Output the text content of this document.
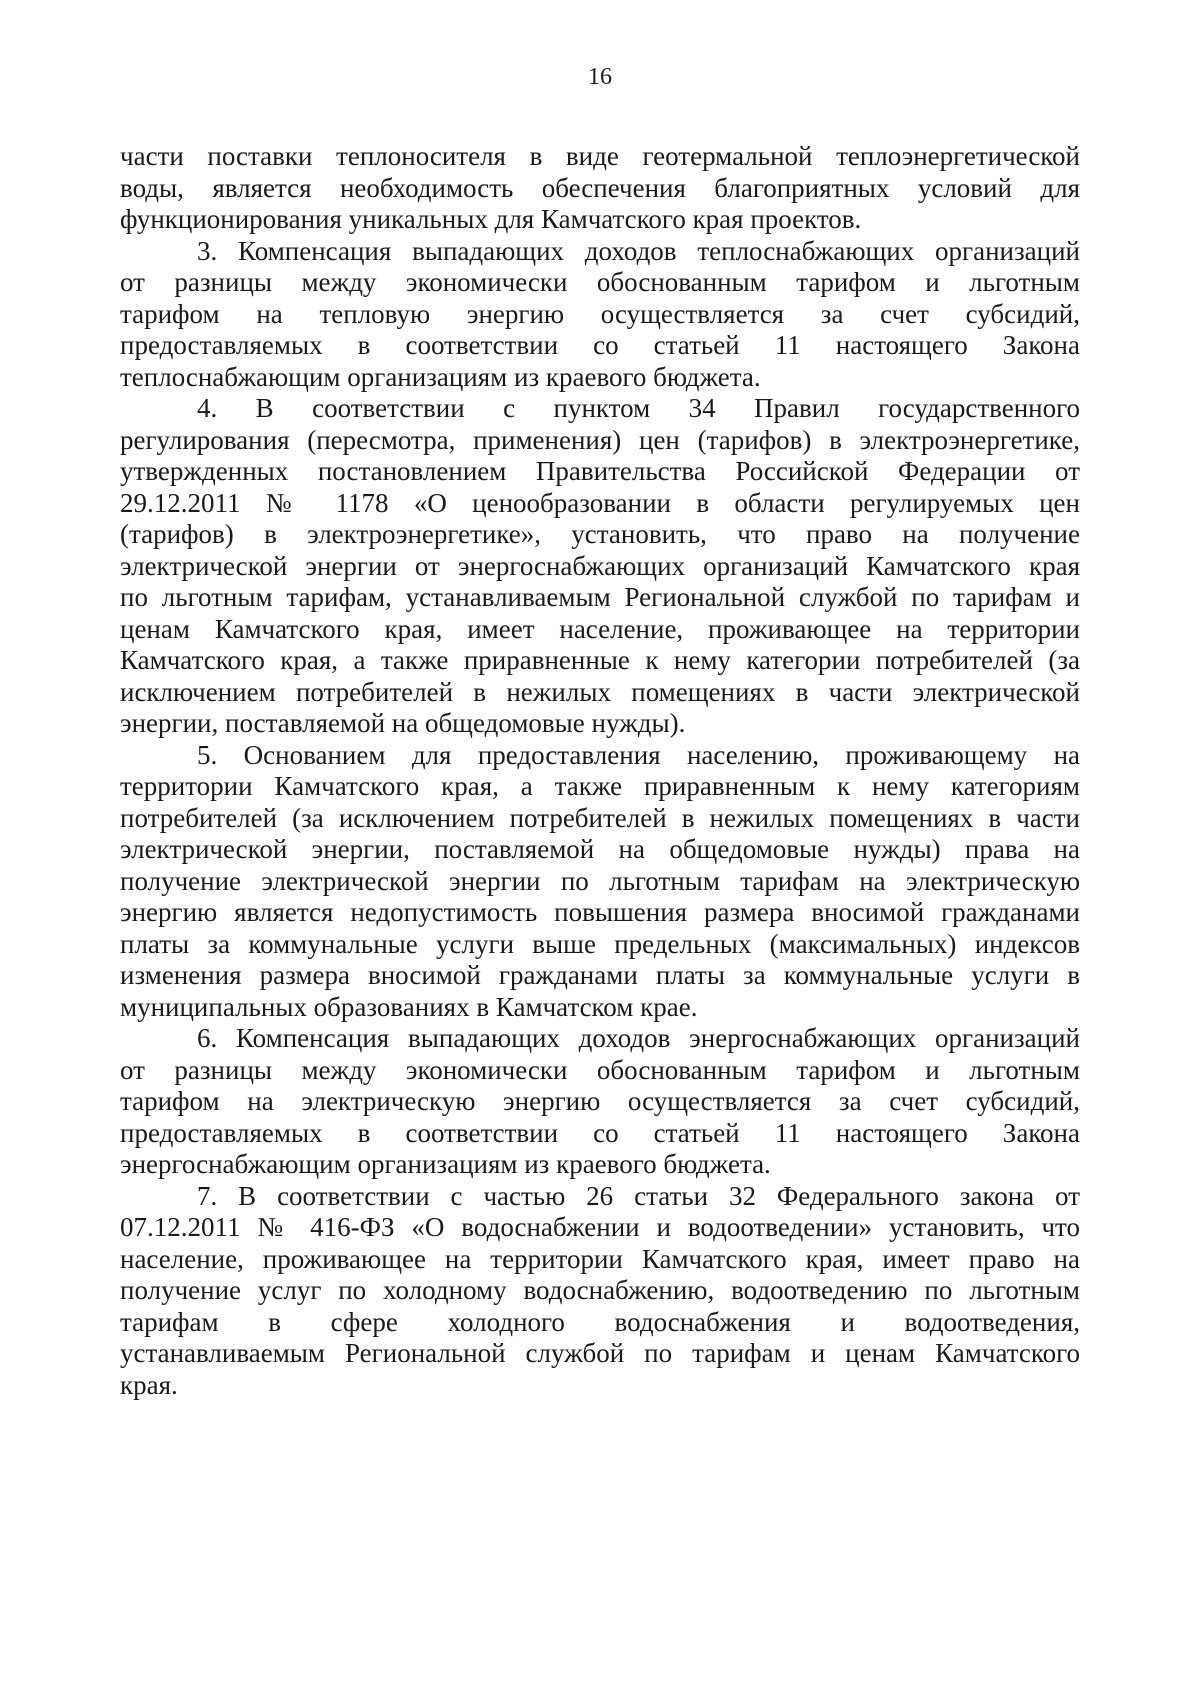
16
части поставки теплоносителя в виде геотермальной теплоэнергетической
воды, является необходимость обеспечения благоприятных условий для
функционирования уникальных для Камчатского края проектов.
3. Компенсация выпадающих доходов теплоснабжающих организаций
от разницы между экономически обоснованным тарифом и льготным
тарифом на тепловую энергию осуществляется за счет субсидий,
предоставляемых в соответствии со статьей 11 настоящего Закона
теплоснабжающим организациям из краевого бюджета.
4. В соответствии с пунктом 34 Правил государственного
регулирования (пересмотра, применения) цен (тарифов) в электроэнергетике,
утвержденных постановлением Правительства Российской Федерации от
29.12.2011 № 1178 «О ценообразовании в области регулируемых цен
(тарифов) в электроэнергетике», установить, что право на получение
электрической энергии от энергоснабжающих организаций Камчатского края
по льготным тарифам, устанавливаемым Региональной службой по тарифам и
ценам Камчатского края, имеет население, проживающее на территории
Камчатского края, а также приравненные к нему категории потребителей (за
исключением потребителей в нежилых помещениях в части электрической
энергии, поставляемой на общедомовые нужды).
5. Основанием для предоставления населению, проживающему на
территории Камчатского края, а также приравненным к нему категориям
потребителей (за исключением потребителей в нежилых помещениях в части
электрической энергии, поставляемой на общедомовые нужды) права на
получение электрической энергии по льготным тарифам на электрическую
энергию является недопустимость повышения размера вносимой гражданами
платы за коммунальные услуги выше предельных (максимальных) индексов
изменения размера вносимой гражданами платы за коммунальные услуги в
муниципальных образованиях в Камчатском крае.
6. Компенсация выпадающих доходов энергоснабжающих организаций
от разницы между экономически обоснованным тарифом и льготным
тарифом на электрическую энергию осуществляется за счет субсидий,
предоставляемых в соответствии со статьей 11 настоящего Закона
энергоснабжающим организациям из краевого бюджета.
7. В соответствии с частью 26 статьи 32 Федерального закона от
07.12.2011 № 416-ФЗ «О водоснабжении и водоотведении» установить, что
население, проживающее на территории Камчатского края, имеет право на
получение услуг по холодному водоснабжению, водоотведению по льготным
тарифам в сфере холодного водоснабжения и водоотведения,
устанавливаемым Региональной службой по тарифам и ценам Камчатского
края.
